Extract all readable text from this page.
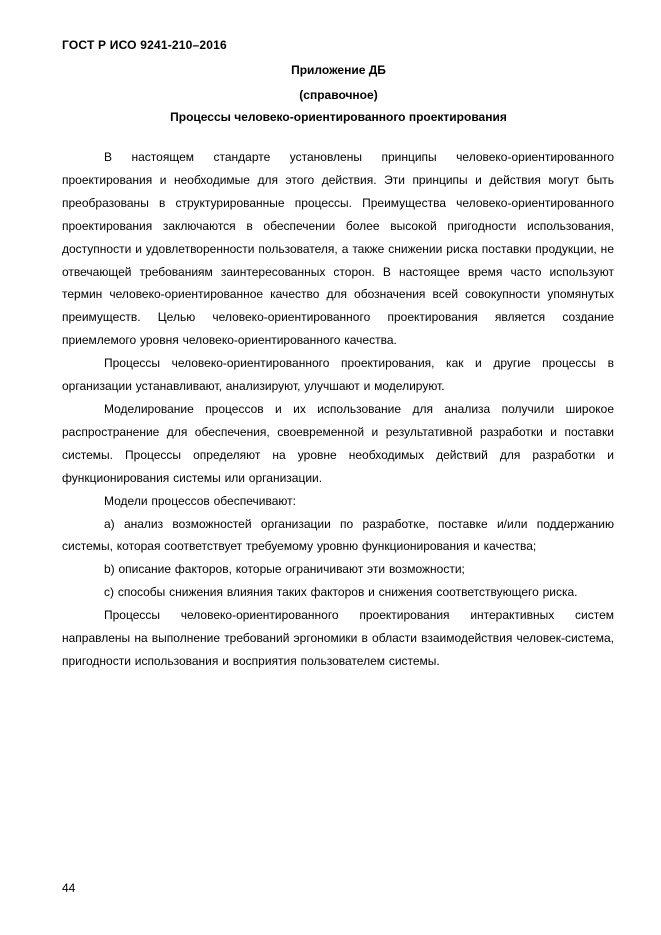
ГОСТ Р ИСО 9241-210–2016
Приложение ДБ
(справочное)
Процессы человеко-ориентированного проектирования

В настоящем стандарте установлены принципы человеко-ориентированного проектирования и необходимые для этого действия. Эти принципы и действия могут быть преобразованы в структурированные процессы. Преимущества человеко-ориентированного проектирования заключаются в обеспечении более высокой пригодности использования, доступности и удовлетворенности пользователя, а также снижении риска поставки продукции, не отвечающей требованиям заинтересованных сторон. В настоящее время часто используют термин человеко-ориентированное качество для обозначения всей совокупности упомянутых преимуществ. Целью человеко-ориентированного проектирования является создание приемлемого уровня человеко-ориентированного качества.

Процессы человеко-ориентированного проектирования, как и другие процессы в организации устанавливают, анализируют, улучшают и моделируют.

Моделирование процессов и их использование для анализа получили широкое распространение для обеспечения, своевременной и результативной разработки и поставки системы. Процессы определяют на уровне необходимых действий для разработки и функционирования системы или организации.

Модели процессов обеспечивают:

a) анализ возможностей организации по разработке, поставке и/или поддержанию системы, которая соответствует требуемому уровню функционирования и качества;

b) описание факторов, которые ограничивают эти возможности;

c) способы снижения влияния таких факторов и снижения соответствующего риска.

Процессы человеко-ориентированного проектирования интерактивных систем направлены на выполнение требований эргономики в области взаимодействия человек-система, пригодности использования и восприятия пользователем системы.

44
